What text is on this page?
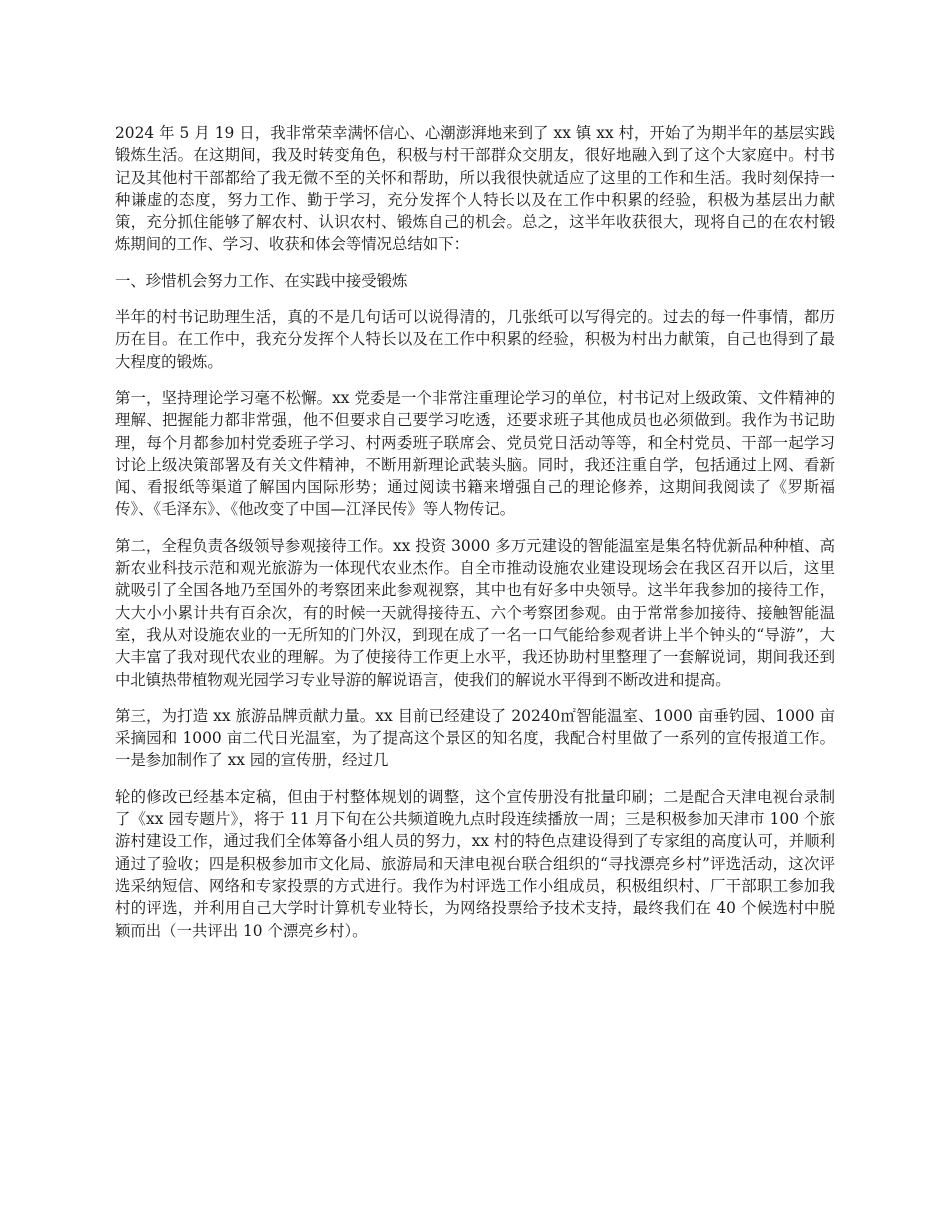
2024 年 5 月 19 日，我非常荣幸满怀信心、心潮澎湃地来到了 xx 镇 xx 村，开始了为期半年的基层实践锻炼生活。在这期间，我及时转变角色，积极与村干部群众交朋友，很好地融入到了这个大家庭中。村书记及其他村干部都给了我无微不至的关怀和帮助，所以我很快就适应了这里的工作和生活。我时刻保持一种谦虚的态度，努力工作、勤于学习，充分发挥个人特长以及在工作中积累的经验，积极为基层出力献策，充分抓住能够了解农村、认识农村、锻炼自己的机会。总之，这半年收获很大，现将自己的在农村锻炼期间的工作、学习、收获和体会等情况总结如下：

一、珍惜机会努力工作、在实践中接受锻炼

半年的村书记助理生活，真的不是几句话可以说得清的，几张纸可以写得完的。过去的每一件事情，都历历在目。在工作中，我充分发挥个人特长以及在工作中积累的经验，积极为村出力献策，自己也得到了最大程度的锻炼。

第一，坚持理论学习毫不松懈。xx 党委是一个非常注重理论学习的单位，村书记对上级政策、文件精神的理解、把握能力都非常强，他不但要求自己要学习吃透，还要求班子其他成员也必须做到。我作为书记助理，每个月都参加村党委班子学习、村两委班子联席会、党员党日活动等等，和全村党员、干部一起学习讨论上级决策部署及有关文件精神，不断用新理论武装头脑。同时，我还注重自学，包括通过上网、看新闻、看报纸等渠道了解国内国际形势；通过阅读书籍来增强自己的理论修养，这期间我阅读了《罗斯福传》、《毛泽东》、《他改变了中国—江泽民传》等人物传记。

第二，全程负责各级领导参观接待工作。xx 投资 3000 多万元建设的智能温室是集名特优新品种种植、高新农业科技示范和观光旅游为一体现代农业杰作。自全市推动设施农业建设现场会在我区召开以后，这里就吸引了全国各地乃至国外的考察团来此参观视察，其中也有好多中央领导。这半年我参加的接待工作，大大小小累计共有百余次，有的时候一天就得接待五、六个考察团参观。由于常常参加接待、接触智能温室，我从对设施农业的一无所知的门外汉，到现在成了一名一口气能给参观者讲上半个钟头的“导游”，大大丰富了我对现代农业的理解。为了使接待工作更上水平，我还协助村里整理了一套解说词，期间我还到中北镇热带植物观光园学习专业导游的解说语言，使我们的解说水平得到不断改进和提高。

第三，为打造 xx 旅游品牌贡献力量。xx 目前已经建设了 20240㎡智能温室、1000 亩垂钓园、1000 亩采摘园和 1000 亩二代日光温室，为了提高这个景区的知名度，我配合村里做了一系列的宣传报道工作。一是参加制作了 xx 园的宣传册，经过几

轮的修改已经基本定稿，但由于村整体规划的调整，这个宣传册没有批量印刷；二是配合天津电视台录制了《xx 园专题片》，将于 11 月下旬在公共频道晚九点时段连续播放一周；三是积极参加天津市 100 个旅游村建设工作，通过我们全体筹备小组人员的努力，xx 村的特色点建设得到了专家组的高度认可，并顺利通过了验收；四是积极参加市文化局、旅游局和天津电视台联合组织的“寻找漂亮乡村”评选活动，这次评选采纳短信、网络和专家投票的方式进行。我作为村评选工作小组成员，积极组织村、厂干部职工参加我村的评选，并利用自己大学时计算机专业特长，为网络投票给予技术支持，最终我们在 40 个候选村中脱颖而出（一共评出 10 个漂亮乡村）。
